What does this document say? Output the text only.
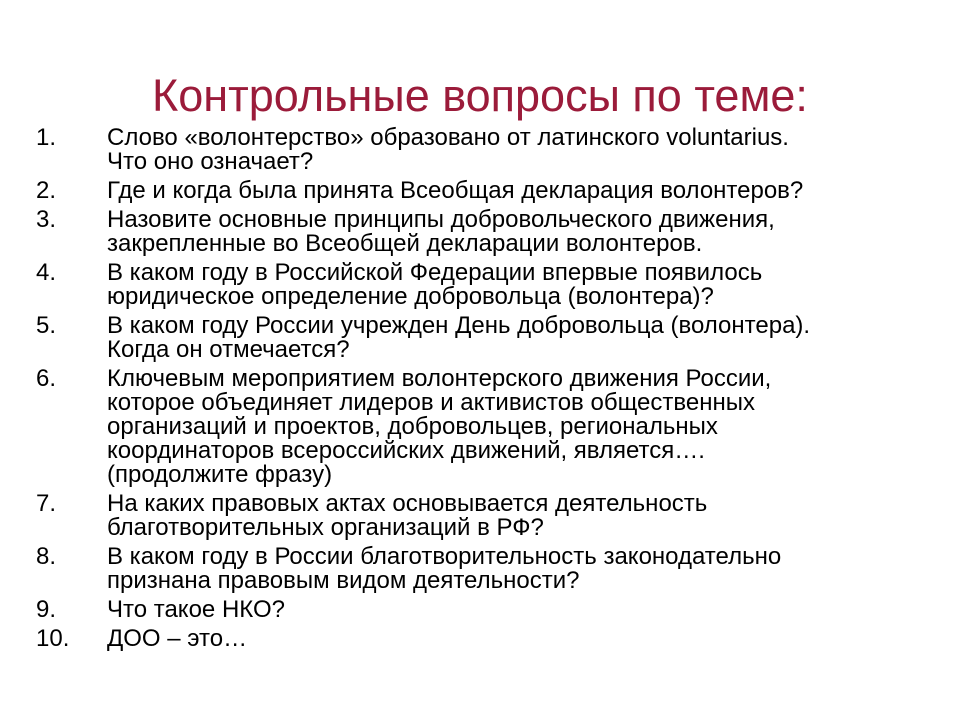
Контрольные вопросы по теме:
1.	Слово «волонтерство» образовано от латинского voluntarius.
Что оно означает?
2.	Где и когда была принята Всеобщая декларация волонтеров?
3.	Назовите основные принципы добровольческого движения,
закрепленные во Всеобщей декларации волонтеров.
4.	В каком году в Российской Федерации впервые появилось
юридическое определение добровольца (волонтера)?
5.	В каком году России учрежден День добровольца (волонтера).
Когда он отмечается?
6.	Ключевым мероприятием волонтерского движения России,
которое объединяет лидеров и активистов общественных
организаций и проектов, добровольцев, региональных
координаторов всероссийских движений, является….
(продолжите фразу)
7.	На каких правовых актах основывается деятельность
благотворительных организаций в РФ?
8.	В каком году в России благотворительность законодательно
признана правовым видом деятельности?
9.	Что такое НКО?
10.	ДОО – это…
